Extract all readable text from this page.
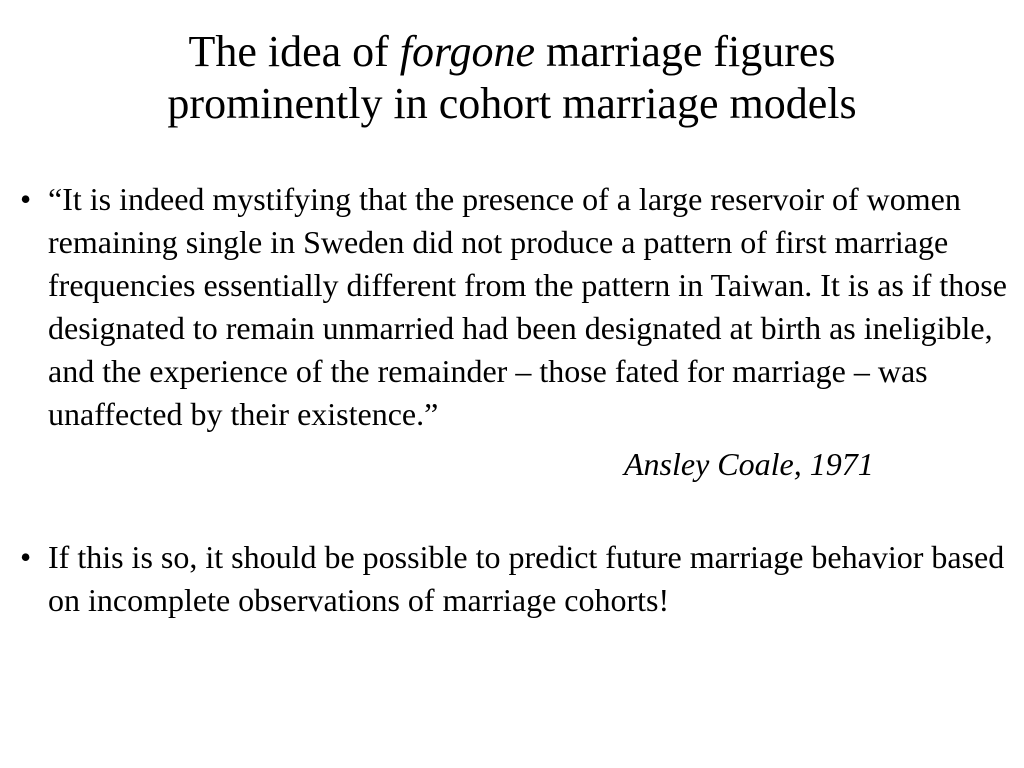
The idea of forgone marriage figures
prominently in cohort marriage models
• “It is indeed mystifying that the presence of a large reservoir of women remaining single in Sweden did not produce a pattern of first marriage frequencies essentially different from the pattern in Taiwan. It is as if those designated to remain unmarried had been designated at birth as ineligible, and the experience of the remainder – those fated for marriage – was unaffected by their existence.”
Ansley Coale, 1971
• If this is so, it should be possible to predict future marriage behavior based on incomplete observations of marriage cohorts!
